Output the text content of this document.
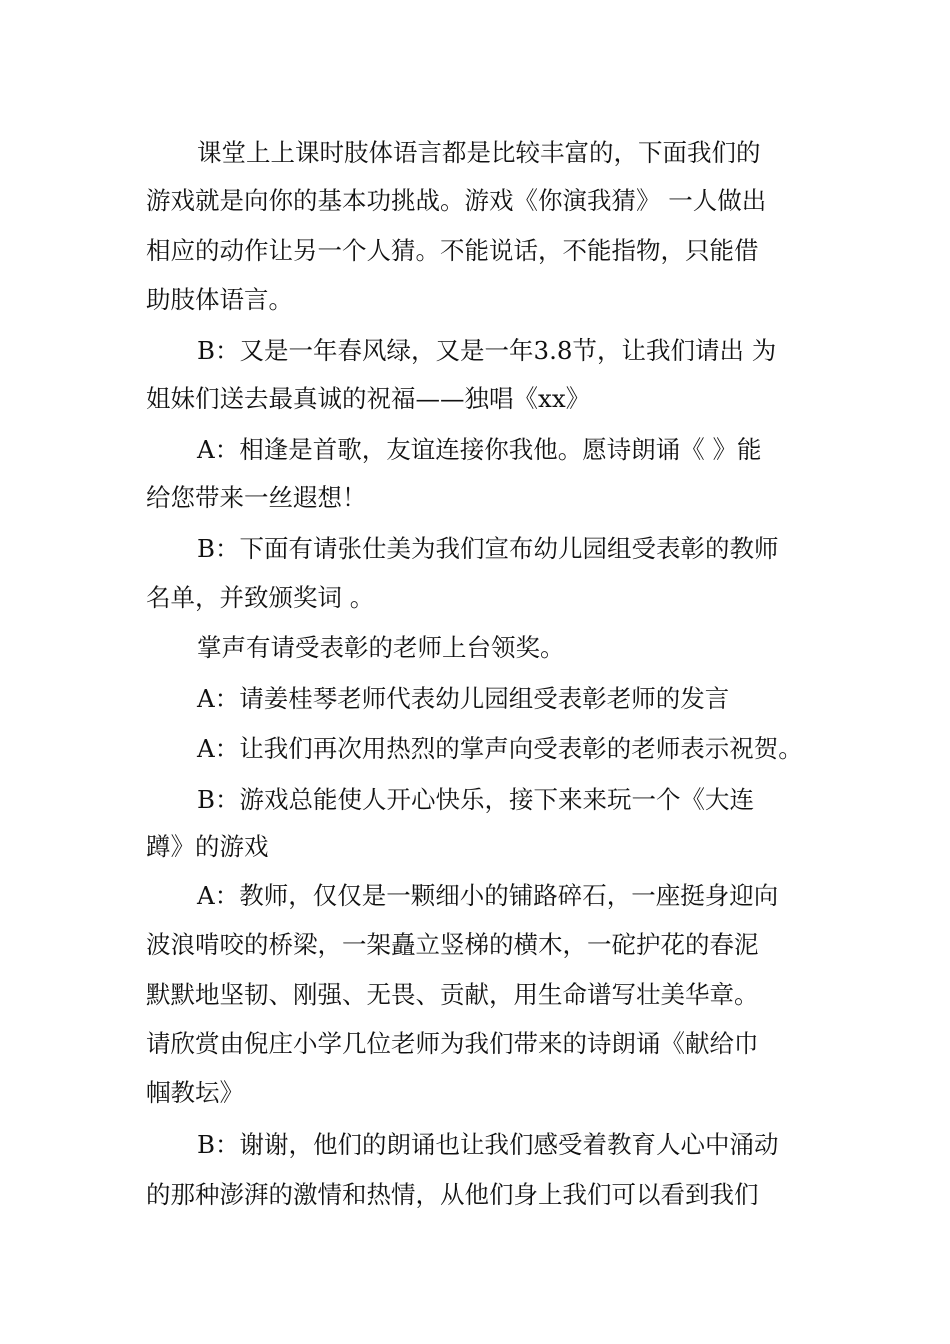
课堂上上课时肢体语言都是比较丰富的，下面我们的
游戏就是向你的基本功挑战。游戏《你演我猜》 一人做出
相应的动作让另一个人猜。不能说话，不能指物，只能借
助肢体语言。
B：又是一年春风绿，又是一年3.8节，让我们请出 为
姐妹们送去最真诚的祝福——独唱《xx》
A：相逢是首歌，友谊连接你我他。愿诗朗诵《 》能
给您带来一丝遐想！
B：下面有请张仕美为我们宣布幼儿园组受表彰的教师
名单，并致颁奖词 。
掌声有请受表彰的老师上台领奖。
A：请姜桂琴老师代表幼儿园组受表彰老师的发言
A：让我们再次用热烈的掌声向受表彰的老师表示祝贺。
B：游戏总能使人开心快乐，接下来来玩一个《大连
蹲》的游戏
A：教师，仅仅是一颗细小的铺路碎石，一座挺身迎向
波浪啃咬的桥梁，一架矗立竖梯的横木，一砣护花的春泥
默默地坚韧、刚强、无畏、贡献，用生命谱写壮美华章。
请欣赏由倪庄小学几位老师为我们带来的诗朗诵《献给巾
帼教坛》
B：谢谢，他们的朗诵也让我们感受着教育人心中涌动
的那种澎湃的激情和热情，从他们身上我们可以看到我们
